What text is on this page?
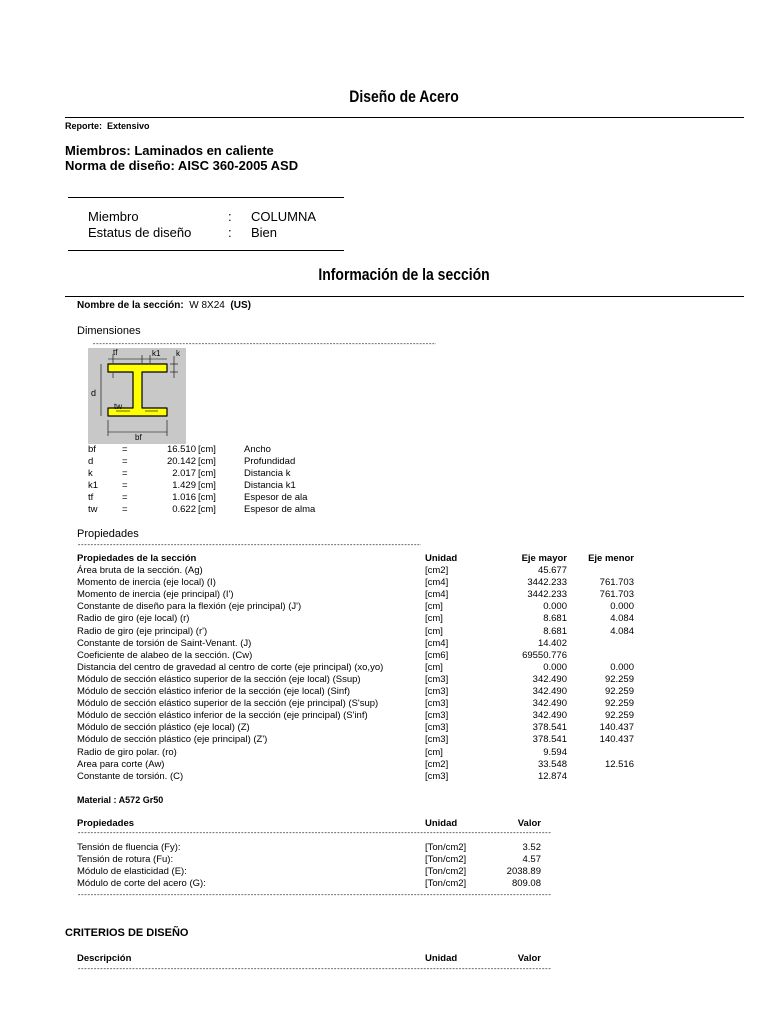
Diseño de Acero
Reporte: Extensivo
Miembros: Laminados en caliente
Norma de diseño: AISC 360-2005 ASD
Miembro	: COLUMNA
Estatus de diseño	: Bien
Información de la sección
Nombre de la sección: W 8X24 (US)
Dimensiones
-----
tf	k1 k
d
tw
bf
bf	=	16.510 [cm]	Ancho
d	=	20.142 [cm]	Profundidad
k	=	2.017 [cm]	Distancia k
k1	=	1.429 [cm]	Distancia k1
tf	=	1.016 [cm]	Espesor de ala
tw	=	0.622 [cm]	Espesor de alma
Propiedades
-----
Propiedades de la sección	Unidad	Eje mayor	Eje menor
Área bruta de la sección. (Ag)	[cm2]	45.677
Momento de inercia (eje local) (I)	[cm4]	3442.233	761.703
Momento de inercia (eje principal) (I')	[cm4]	3442.233	761.703
Constante de diseño para la flexión (eje principal) (J')	[cm]	0.000	0.000
Radio de giro (eje local) (r)	[cm]	8.681	4.084
Radio de giro (eje principal) (r')	[cm]	8.681	4.084
Constante de torsión de Saint-Venant. (J)	[cm4]	14.402
Coeficiente de alabeo de la sección. (Cw)	[cm6]	69550.776
Distancia del centro de gravedad al centro de corte (eje principal) (xo,yo)	[cm]	0.000	0.000
Módulo de sección elástico superior de la sección (eje local) (Ssup)	[cm3]	342.490	92.259
Módulo de sección elástico inferior de la sección (eje local) (Sinf)	[cm3]	342.490	92.259
Módulo de sección elástico superior de la sección (eje principal) (S'sup)	[cm3]	342.490	92.259
Módulo de sección elástico inferior de la sección (eje principal) (S'inf)	[cm3]	342.490	92.259
Módulo de sección plástico (eje local) (Z)	[cm3]	378.541	140.437
Módulo de sección plástico (eje principal) (Z')	[cm3]	378.541	140.437
Radio de giro polar. (ro)	[cm]	9.594
Area para corte (Aw)	[cm2]	33.548	12.516
Constante de torsión. (C)	[cm3]	12.874
Material : A572 Gr50
Propiedades	Unidad	Valor
-----
Tensión de fluencia (Fy):	[Ton/cm2]	3.52
Tensión de rotura (Fu):	[Ton/cm2]	4.57
Módulo de elasticidad (E):	[Ton/cm2]	2038.89
Módulo de corte del acero (G):	[Ton/cm2]	809.08
-----
CRITERIOS DE DISEÑO
Descripción	Unidad	Valor
-----
